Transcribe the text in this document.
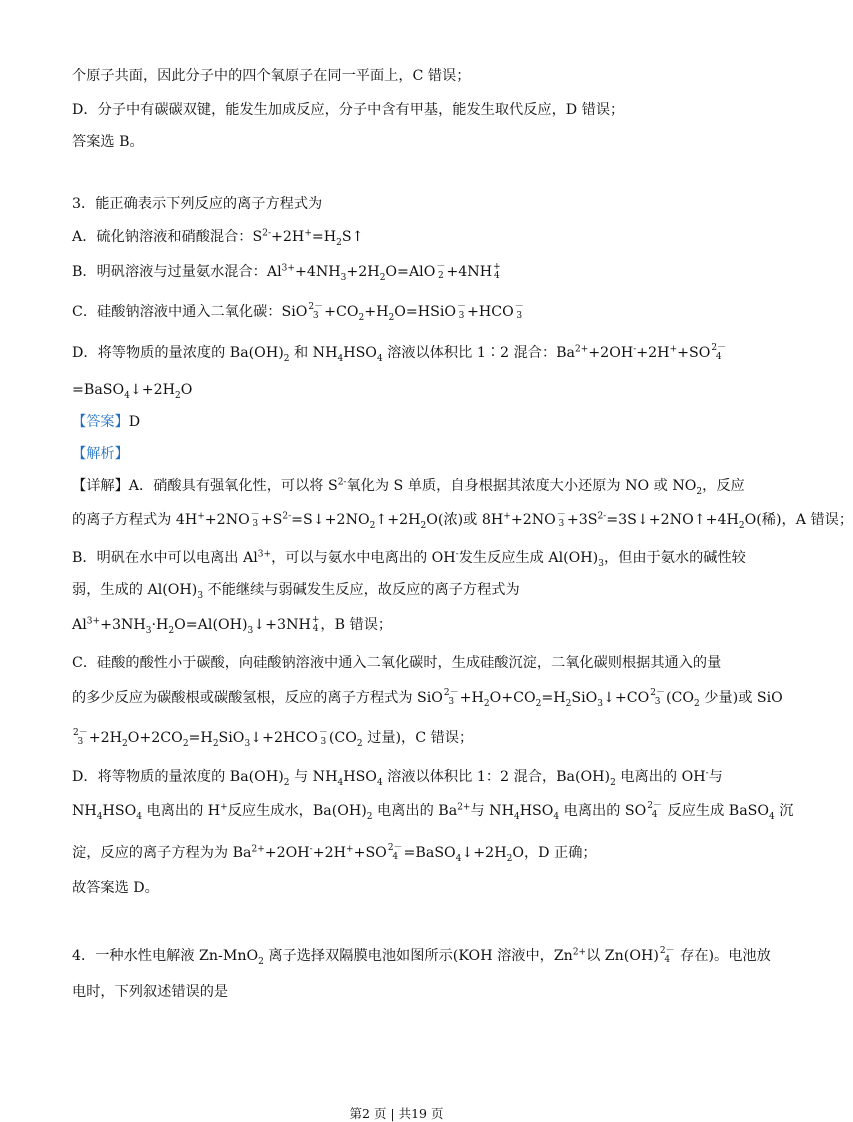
个原子共面，因此分子中的四个氧原子在同一平面上，C 错误；
D．分子中有碳碳双键，能发生加成反应，分子中含有甲基，能发生取代反应，D 错误；
答案选 B。
3．能正确表示下列反应的离子方程式为
A．硫化钠溶液和硝酸混合：$S^{2-}+2H^+=H_2S↑$
B．明矾溶液与过量氨水混合：$Al^{3+}+4NH_3+2H_2O=AlO$ －
2 +4NH +
4
C．硅酸钠溶液中通入二氧化碳：SiO 2－
$3 +CO_2+H_2O=HSiO$ －
3 +HCO －
3
D．将等物质的量浓度的 $Ba(OH)_2$ 和 $NH_4HSO_4$ 溶液以体积比 1∶2 混合：$Ba^{2+}+2OH^-+2H^++SO$ 2－
4
$=BaSO_4↓+2H_2O$
【答案】D
【解析】
【详解】A．硝酸具有强氧化性，可以将 $S^{2-}$氧化为 S 单质，自身根据其浓度大小还原为 NO 或 $NO_2$，反应
的离子方程式为 4H++2NO －
$3 +S^{2-}=S↓+2NO_2↑+2H_2O$(浓)或 8H++2NO －
$3 +3S^{2-}=3S↓+2NO↑+4H_2O$(稀)，A 错误；
B．明矾在水中可以电离出 $Al^{3+}$，可以与氨水中电离出的 OH-发生反应生成 $Al(OH)_3$，但由于氨水的碱性较
弱，生成的 $Al(OH)_3$ 不能继续与弱碱发生反应，故反应的离子方程式为
$Al^{3+}+3NH_3\cdot H_2O=Al(OH)_3↓+3NH$ +
4 ，B 错误；
C．硅酸的酸性小于碳酸，向硅酸钠溶液中通入二氧化碳时，生成硅酸沉淀，二氧化碳则根据其通入的量
的多少反应为碳酸根或碳酸氢根，反应的离子方程式为 SiO 2－
$3 +H_2O+CO_2=H_2SiO_3↓+CO$ 2－
3 ($CO_2$ 少量)或 SiO
2－
$3 +2H_2O+2CO_2=H_2SiO_3↓+2HCO$ －
3 ($CO_2$ 过量)，C 错误；
D．将等物质的量浓度的 $Ba(OH)_2$ 与 $NH_4HSO_4$ 溶液以体积比 1：2 混合，$Ba(OH)_2$ 电离出的 OH-与
$NH_4HSO_4$ 电离出的 H+反应生成水，$Ba(OH)_2$ 电离出的 $Ba^{2+}$与 $NH_4HSO_4$ 电离出的 SO 2－
4 反应生成 BaSO$_4$ 沉
淀，反应的离子方程为为 $Ba^{2+}+2OH^-+2H^++SO$ 2－
$4 =BaSO_4↓+2H_2O$，D 正确；
故答案选 D。
4．一种水性电解液 Zn-MnO$_2$ 离子选择双隔膜电池如图所示(KOH 溶液中，$Zn^{2+}$以 Zn(OH) 2－
4 存在)。电池放
电时，下列叙述错误的是
第2 页 | 共19 页
